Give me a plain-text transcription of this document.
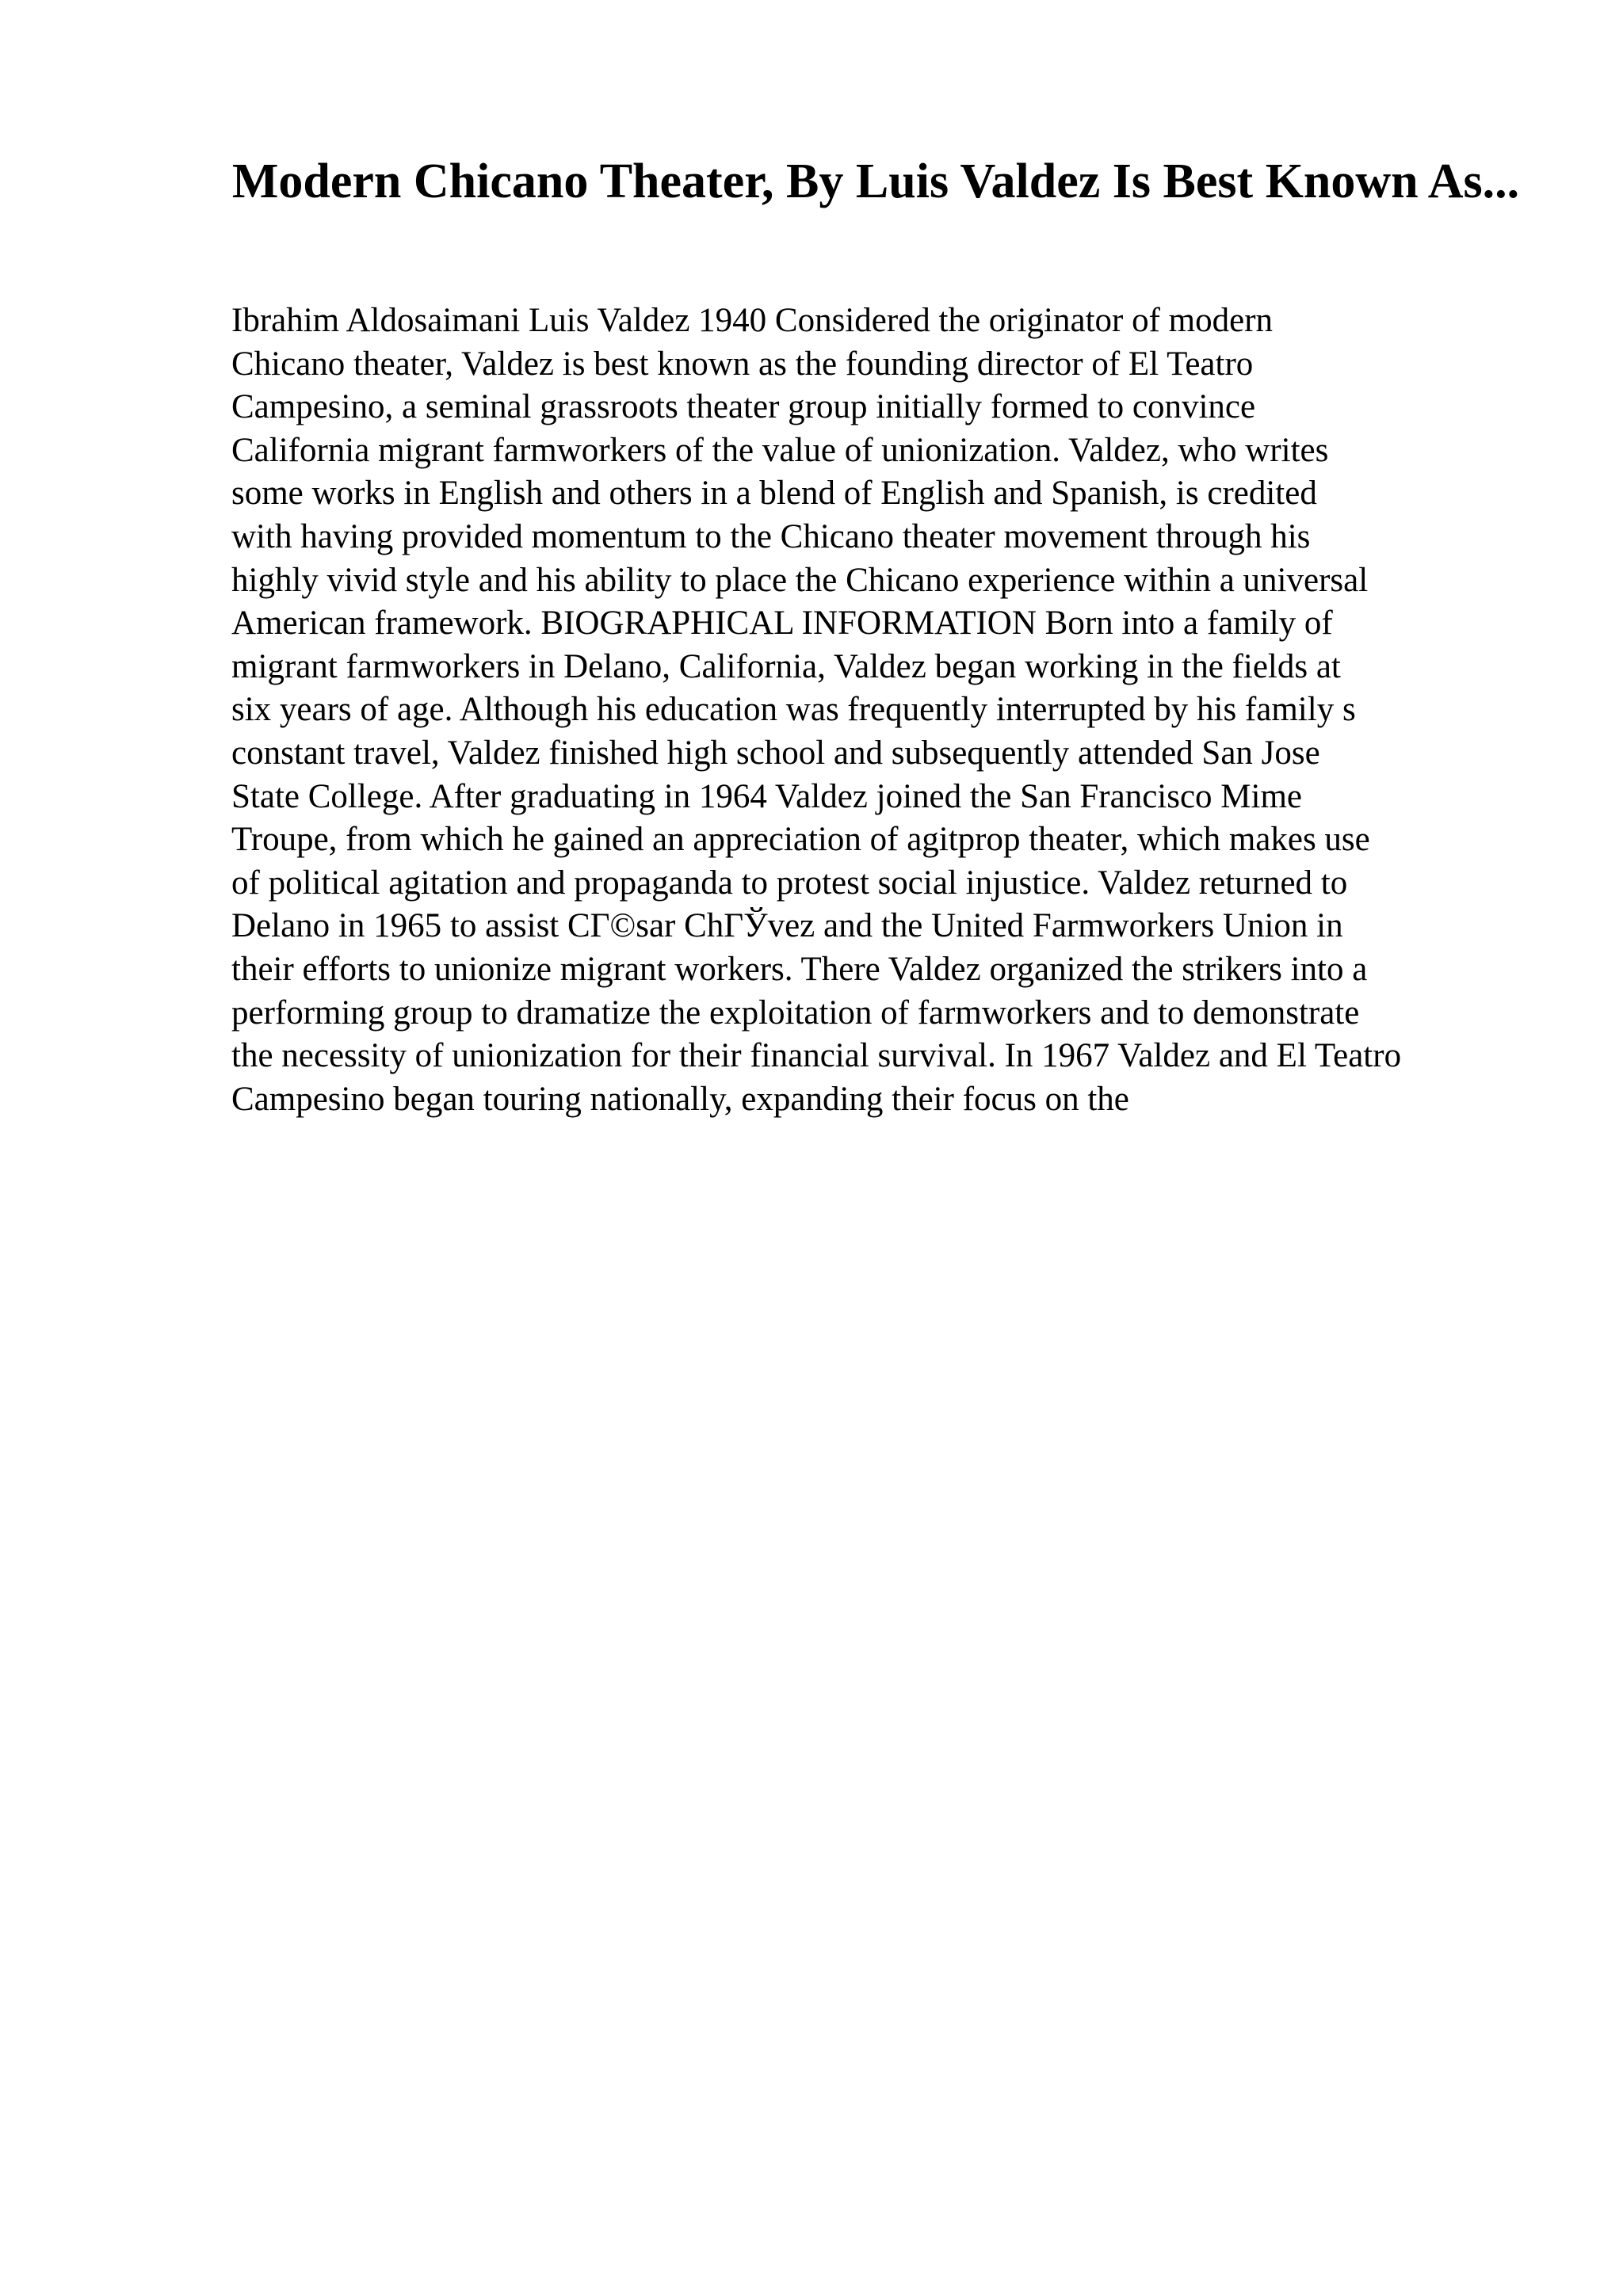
Modern Chicano Theater, By Luis Valdez Is Best Known As...
Ibrahim Aldosaimani Luis Valdez 1940 Considered the originator of modern
Chicano theater, Valdez is best known as the founding director of El Teatro
Campesino, a seminal grassroots theater group initially formed to convince
California migrant farmworkers of the value of unionization. Valdez, who writes
some works in English and others in a blend of English and Spanish, is credited
with having provided momentum to the Chicano theater movement through his
highly vivid style and his ability to place the Chicano experience within a universal
American framework. BIOGRAPHICAL INFORMATION Born into a family of
migrant farmworkers in Delano, California, Valdez began working in the fields at
six years of age. Although his education was frequently interrupted by his family s
constant travel, Valdez finished high school and subsequently attended San Jose
State College. After graduating in 1964 Valdez joined the San Francisco Mime
Troupe, from which he gained an appreciation of agitprop theater, which makes use
of political agitation and propaganda to protest social injustice. Valdez returned to
Delano in 1965 to assist CГ©sar ChГЎvez and the United Farmworkers Union in
their efforts to unionize migrant workers. There Valdez organized the strikers into a
performing group to dramatize the exploitation of farmworkers and to demonstrate
the necessity of unionization for their financial survival. In 1967 Valdez and El Teatro
Campesino began touring nationally, expanding their focus on the
